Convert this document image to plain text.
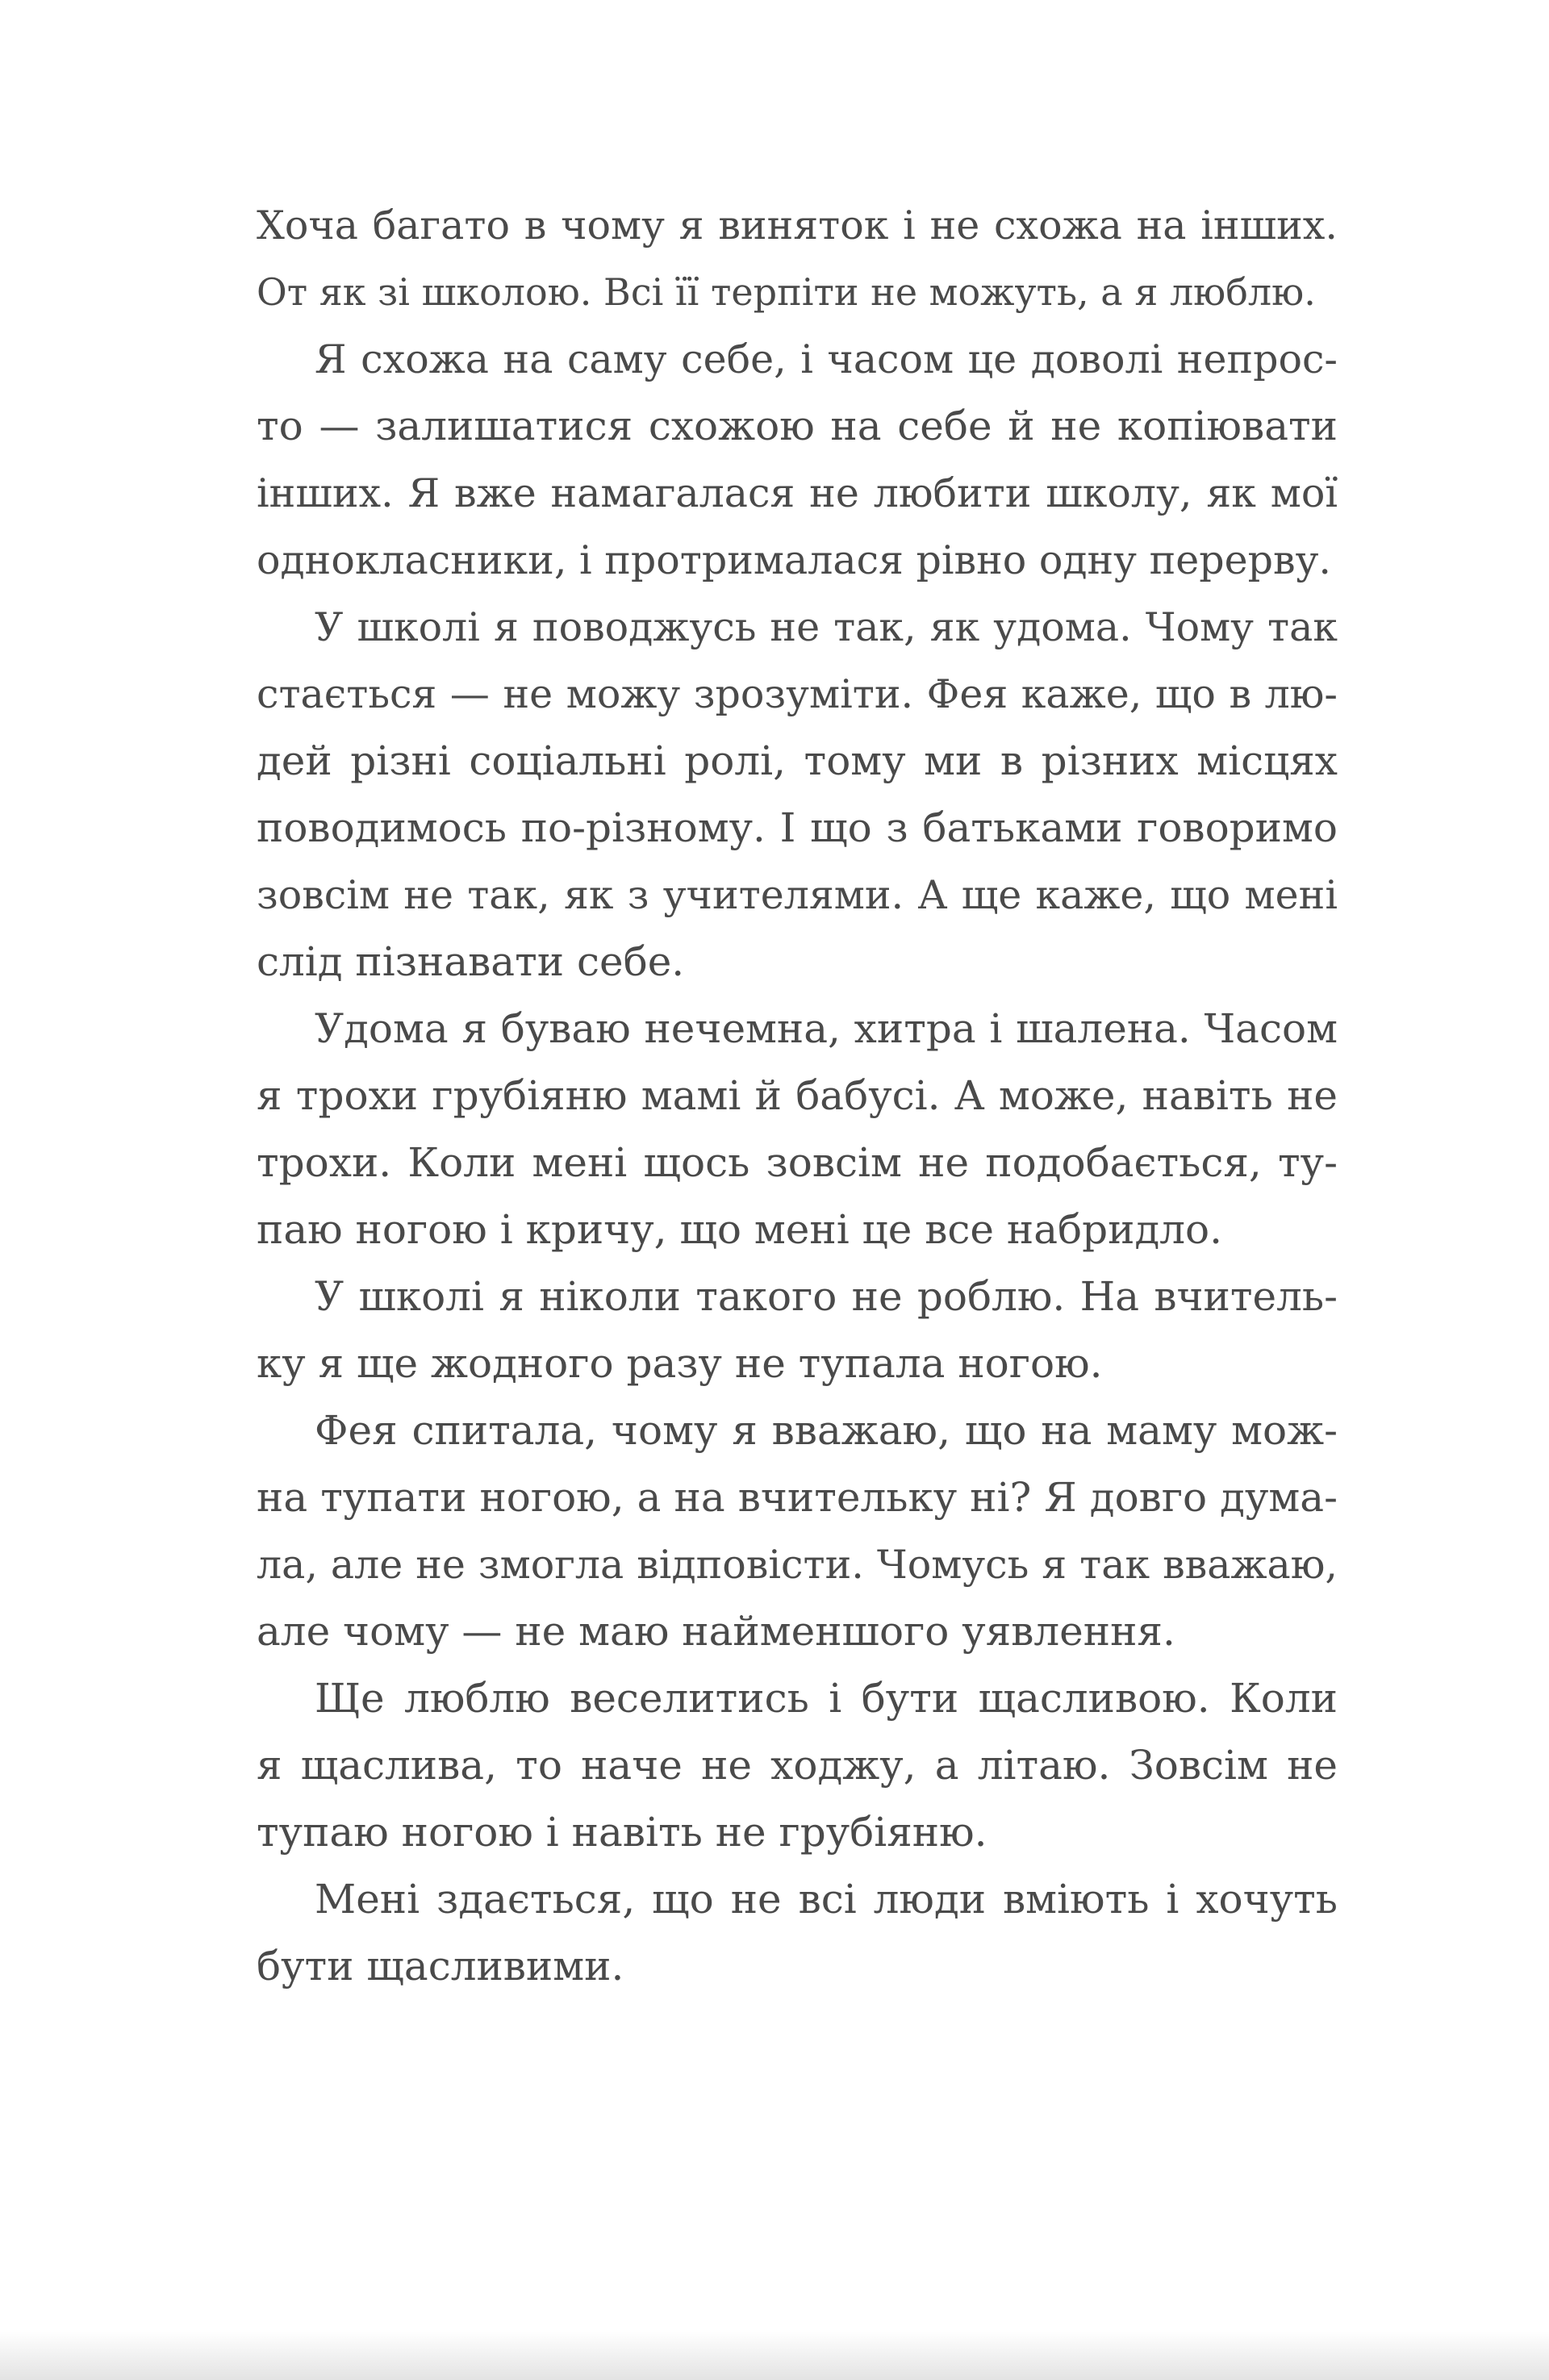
Хоча багато в чому я виняток і не схожа на інших.
От як зі школою. Всі її терпіти не можуть, а я люблю.
Я схожа на саму себе, і часом це доволі непрос-
то — залишатися схожою на себе й не копіювати
інших. Я вже намагалася не любити школу, як мої
однокласники, і протрималася рівно одну перерву.
У школі я поводжусь не так, як удома. Чому так
стається — не можу зрозуміти. Фея каже, що в лю-
дей різні соціальні ролі, тому ми в різних місцях
поводимось по-різному. І що з батьками говоримо
зовсім не так, як з учителями. А ще каже, що мені
слід пізнавати себе.
Удома я буваю нечемна, хитра і шалена. Часом
я трохи грубіяню мамі й бабусі. А може, навіть не
трохи. Коли мені щось зовсім не подобається, ту-
паю ногою і кричу, що мені це все набридло.
У школі я ніколи такого не роблю. На вчитель-
ку я ще жодного разу не тупала ногою.
Фея спитала, чому я вважаю, що на маму мож-
на тупати ногою, а на вчительку ні? Я довго дума-
ла, але не змогла відповісти. Чомусь я так вважаю,
але чому — не маю найменшого уявлення.
Ще люблю веселитись і бути щасливою. Коли
я щаслива, то наче не ходжу, а літаю. Зовсім не
тупаю ногою і навіть не грубіяню.
Мені здається, що не всі люди вміють і хочуть
бути щасливими.
